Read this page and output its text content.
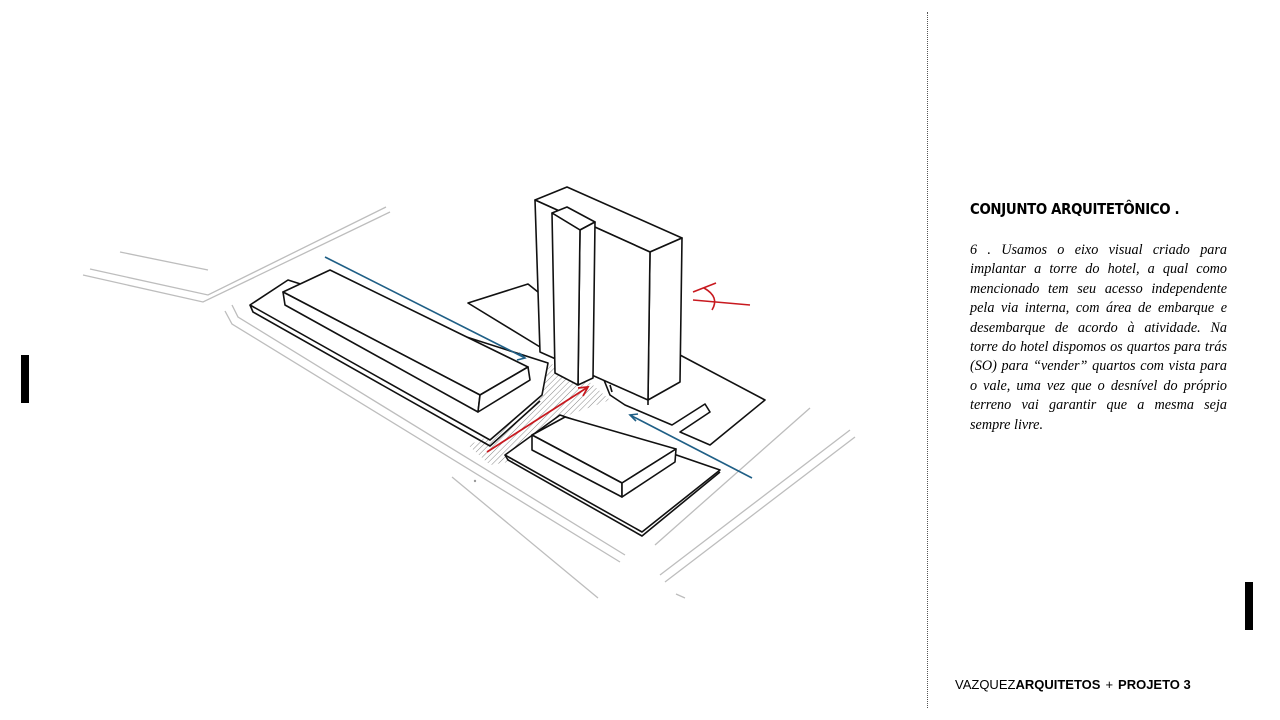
CONJUNTO ARQUITETÔNICO .

6 . Usamos o eixo visual criado para implantar a torre do hotel, a qual como mencionado tem seu acesso independente pela via interna, com área de embarque e desembarque de acordo à atividade. Na torre do hotel dispomos os quartos para trás (SO) para “vender” quartos com vista para o vale, uma vez que o desnível do próprio terreno vai garantir que a mesma seja sempre livre.

VAZQUEZARQUITETOS + PROJETO 3
